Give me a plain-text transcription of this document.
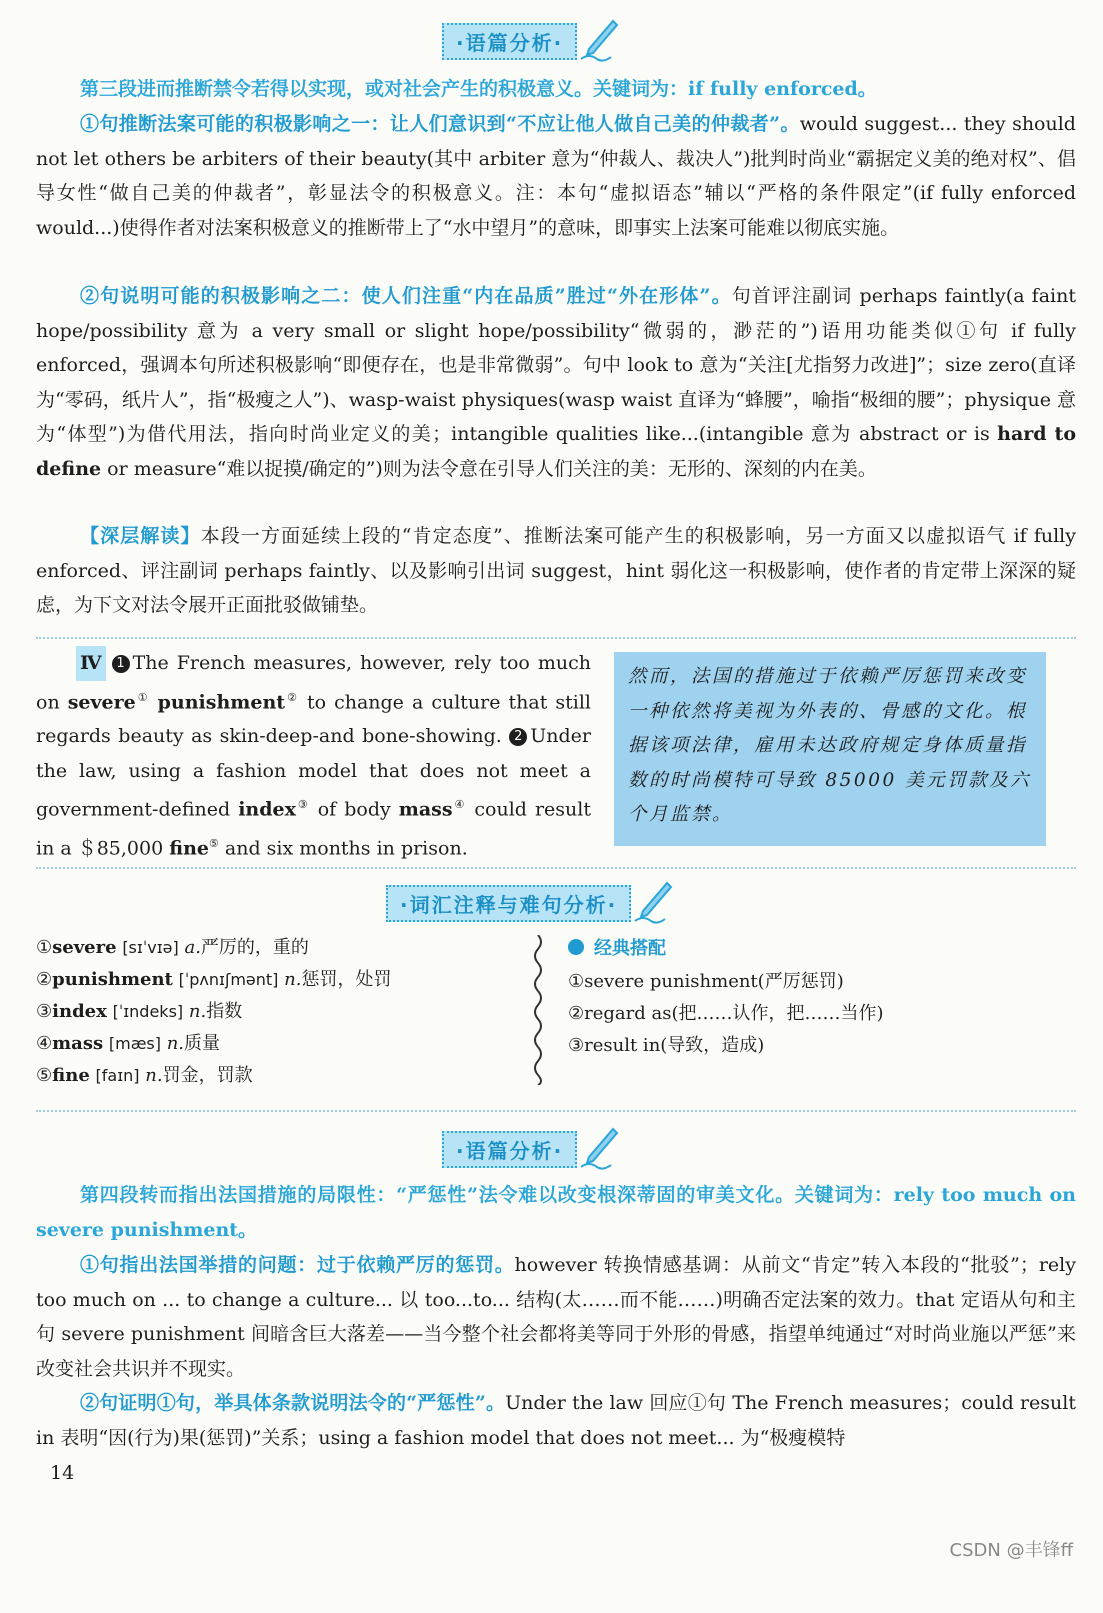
·语篇分析·

第三段进而推断禁令若得以实现，或对社会产生的积极意义。关键词为：if fully enforced。

①句推断法案可能的积极影响之一：让人们意识到“不应让他人做自己美的仲裁者”。would suggest... they should not let others be arbiters of their beauty(其中 arbiter 意为“仲裁人、裁决人”)批判时尚业“霸据定义美的绝对权”、倡导女性“做自己美的仲裁者”，彰显法令的积极意义。注：本句“虚拟语态”辅以“严格的条件限定”(if fully enforced would...)使得作者对法案积极意义的推断带上了“水中望月”的意味，即事实上法案可能难以彻底实施。

②句说明可能的积极影响之二：使人们注重“内在品质”胜过“外在形体”。句首评注副词 perhaps faintly(a faint hope/possibility 意为 a very small or slight hope/possibility“微弱的，渺茫的”)语用功能类似①句 if fully enforced，强调本句所述积极影响“即便存在，也是非常微弱”。句中 look to 意为“关注[尤指努力改进]”；size zero(直译为“零码，纸片人”，指“极瘦之人”)、wasp-waist physiques(wasp waist 直译为“蜂腰”，喻指“极细的腰”；physique 意为“体型”)为借代用法，指向时尚业定义的美；intangible qualities like...(intangible 意为 abstract or is hard to define or measure“难以捉摸/确定的”)则为法令意在引导人们关注的美：无形的、深刻的内在美。

【深层解读】本段一方面延续上段的“肯定态度”、推断法案可能产生的积极影响，另一方面又以虚拟语气 if fully enforced、评注副词 perhaps faintly、以及影响引出词 suggest，hint 弱化这一积极影响，使作者的肯定带上深深的疑虑，为下文对法令展开正面批驳做铺垫。

Ⅳ 1 The French measures, however, rely too much on severe① punishment② to change a culture that still regards beauty as skin-deep-and bone-showing. 2 Under the law, using a fashion model that does not meet a government-defined index③ of body mass④ could result in a ＄85,000 fine⑤ and six months in prison.

然而，法国的措施过于依赖严厉惩罚来改变一种依然将美视为外表的、骨感的文化。根据该项法律，雇用未达政府规定身体质量指数的时尚模特可导致 85000 美元罚款及六个月监禁。
·词汇注释与难句分析·
①severe [sɪˈvɪə] a.严厉的，重的
②punishment [ˈpʌnɪʃmənt] n.惩罚，处罚
③index [ˈɪndeks] n.指数
④mass [mæs] n.质量
⑤fine [faɪn] n.罚金，罚款
经典搭配
①severe punishment(严厉惩罚)
②regard as(把……认作，把……当作)
③result in(导致，造成)
·语篇分析·

第四段转而指出法国措施的局限性：“严惩性”法令难以改变根深蒂固的审美文化。关键词为：rely too much on severe punishment。

①句指出法国举措的问题：过于依赖严厉的惩罚。however 转换情感基调：从前文“肯定”转入本段的“批驳”；rely too much on ... to change a culture... 以 too...to... 结构(太……而不能……)明确否定法案的效力。that 定语从句和主句 severe punishment 间暗含巨大落差——当今整个社会都将美等同于外形的骨感，指望单纯通过“对时尚业施以严惩”来改变社会共识并不现实。

②句证明①句，举具体条款说明法令的“严惩性”。Under the law 回应①句 The French measures；could result in 表明“因(行为)果(惩罚)”关系；using a fashion model that does not meet... 为“极瘦模特

14
CSDN @丰锋ff
